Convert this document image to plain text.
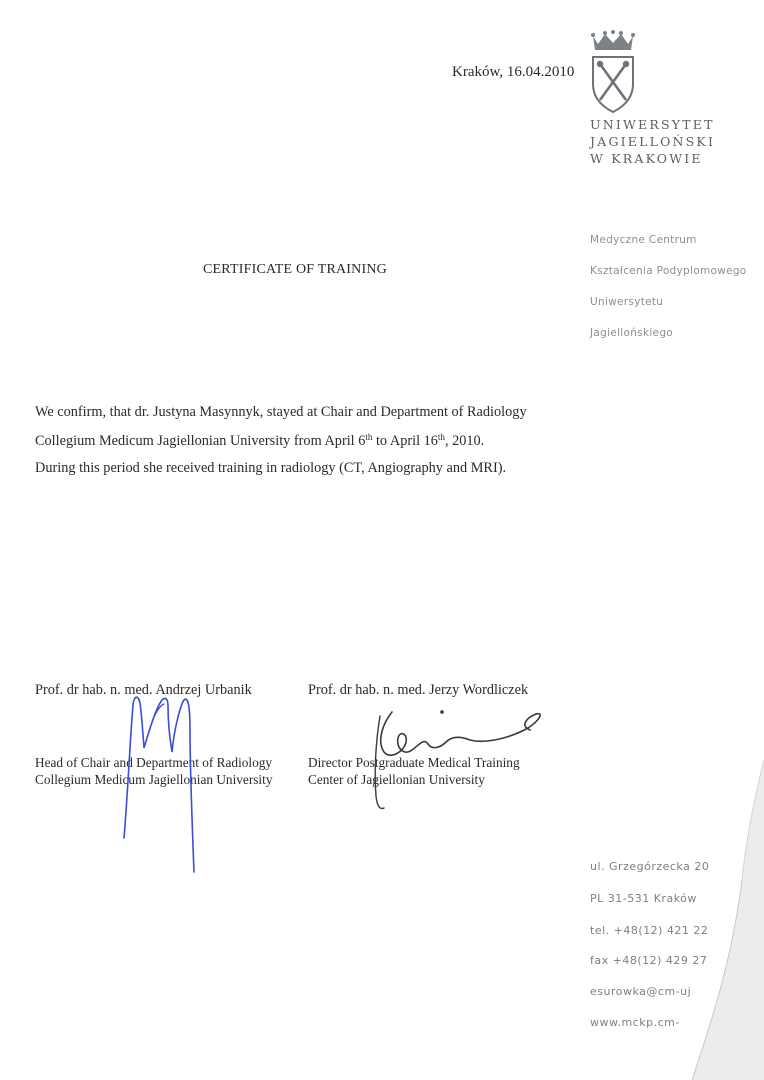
Kraków, 16.04.2010
UNIWERSYTET
JAGIELLOŃSKI
W KRAKOWIE
Medyczne Centrum
Kształcenia Podyplomowego
Uniwersytetu
Jagiellońskiego
CERTIFICATE OF TRAINING
We confirm, that dr. Justyna Masynnyk, stayed at Chair and Department of Radiology
Collegium Medicum Jagiellonian University from April 6th to April 16th, 2010.
During this period she received training in radiology (CT, Angiography and MRI).
Prof. dr hab. n. med. Andrzej Urbanik
Head of Chair and Department of Radiology
Collegium Medicum Jagiellonian University
Prof. dr hab. n. med. Jerzy Wordliczek
Director Postgraduate Medical Training
Center of Jagiellonian University
ul. Grzegórzecka 20
PL 31-531 Kraków
tel. +48(12) 421 22
fax +48(12) 429 27
esurowka@cm-uj
www.mckp.cm-
